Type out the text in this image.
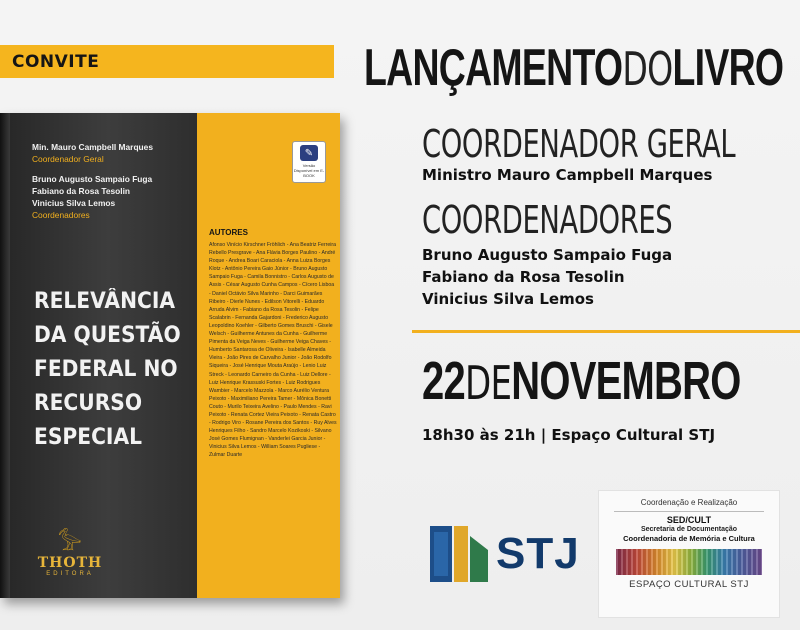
CONVITE
Min. Mauro Campbell Marques
Coordenador Geral
Bruno Augusto Sampaio Fuga
Fabiano da Rosa Tesolin
Vinicius Silva Lemos
Coordenadores
RELEVÂNCIA
DA QUESTÃO
FEDERAL NO
RECURSO
ESPECIAL
𓅞
THOTH
EDITORA
✎
Versão Disponível em E-BOOK
AUTORES
Afonso Vinício Kirschner Fröhlich - Ana Beatriz Ferreira Rebello Presgrave - Ana Flávia Borges Paulino - André Roque - Andrea Boari Caraciola - Anna Luiza Borges Klotz - Antônio Pereira Gaio Júnior - Bruno Augusto Sampaio Fuga - Camila Bonnistro - Carlos Augusto de Assis - César Augusto Cunha Campos - Cícero Lisboa - Daniel Octávio Silva Marinho - Darci Guimarães Ribeiro - Dierle Nunes - Edilson Vitorelli - Eduardo Arruda Alvim - Fabiano da Rosa Tesolin - Felipe Scalabrin - Fernanda Gajardoni - Frederico Augusto Leopoldino Koehler - Gilberto Gomes Bruschi - Gisele Welsch - Guilherme Antunes da Cunha - Guilherme Pimenta da Veiga Neves - Guilherme Veiga Chaves - Humberto Santarosa de Oliveira - Isabelle Almeida Vieira - João Pires de Carvalho Junior - João Rodolfo Siqueira - José Henrique Mouta Araújo - Lenio Luiz Streck - Leonardo Carneiro da Cunha - Luiz Dellore - Luiz Henrique Krassuski Fortes - Luiz Rodrigues Wambier - Marcelo Mazzola - Marco Aurélio Ventura Peixoto - Maximiliano Pereira Tamer - Mônica Bonetti Couto - Murilo Teixeira Avelino - Paulo Mendes - Ravi Peixoto - Renata Cortez Vieira Peixoto - Renata Castro - Rodrigo Viro - Rosane Pereira dos Santos - Ruy Alves Henriques Filho - Sandro Marcelo Kozikoski - Silvano José Gomes Flumignan - Vanderlei Garcia Junior - Vinicius Silva Lemos - William Soares Pugliese - Zulmar Duarte
LANÇAMENTODOLIVRO
COORDENADOR GERAL
Ministro Mauro Campbell Marques
COORDENADORES
Bruno Augusto Sampaio Fuga
Fabiano da Rosa Tesolin
Vinicius Silva Lemos
22DENOVEMBRO
18h30 às 21h | Espaço Cultural STJ
STJ
Coordenação e Realização
SED/CULT
Secretaria de Documentação
Coordenadoria de Memória e Cultura
ESPAÇO CULTURAL STJ
